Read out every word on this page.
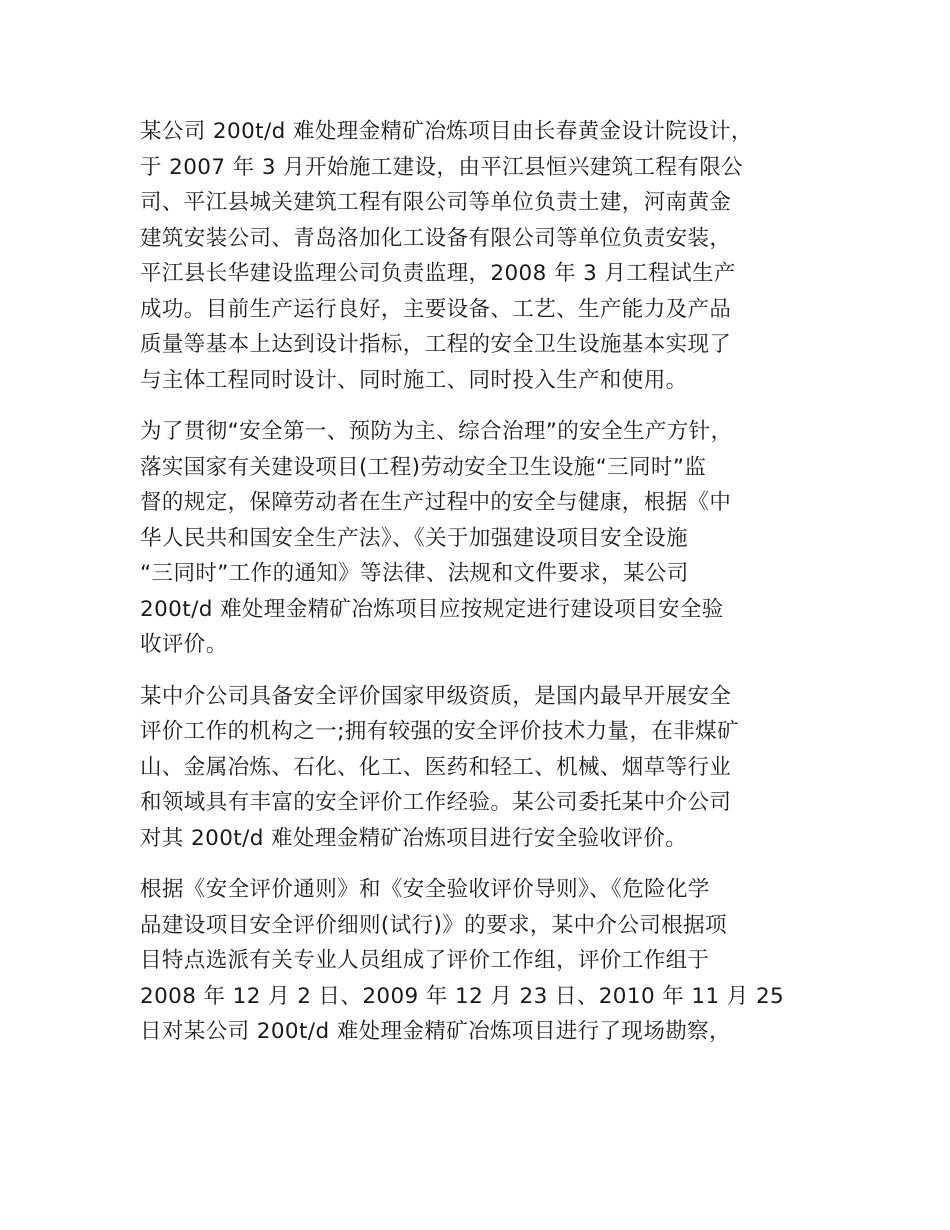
某公司 200t/d 难处理金精矿冶炼项目由长春黄金设计院设计，
于 2007 年 3 月开始施工建设，由平江县恒兴建筑工程有限公
司、平江县城关建筑工程有限公司等单位负责土建，河南黄金
建筑安装公司、青岛洛加化工设备有限公司等单位负责安装，
平江县长华建设监理公司负责监理，2008 年 3 月工程试生产
成功。目前生产运行良好，主要设备、工艺、生产能力及产品
质量等基本上达到设计指标，工程的安全卫生设施基本实现了
与主体工程同时设计、同时施工、同时投入生产和使用。
为了贯彻“安全第一、预防为主、综合治理”的安全生产方针，
落实国家有关建设项目(工程)劳动安全卫生设施“三同时”监
督的规定，保障劳动者在生产过程中的安全与健康，根据《中
华人民共和国安全生产法》、《关于加强建设项目安全设施
“三同时”工作的通知》等法律、法规和文件要求，某公司
200t/d 难处理金精矿冶炼项目应按规定进行建设项目安全验
收评价。
某中介公司具备安全评价国家甲级资质，是国内最早开展安全
评价工作的机构之一;拥有较强的安全评价技术力量，在非煤矿
山、金属冶炼、石化、化工、医药和轻工、机械、烟草等行业
和领域具有丰富的安全评价工作经验。某公司委托某中介公司
对其 200t/d 难处理金精矿冶炼项目进行安全验收评价。
根据《安全评价通则》和《安全验收评价导则》、《危险化学
品建设项目安全评价细则(试行)》的要求，某中介公司根据项
目特点选派有关专业人员组成了评价工作组，评价工作组于
2008 年 12 月 2 日、2009 年 12 月 23 日、2010 年 11 月 25
日对某公司 200t/d 难处理金精矿冶炼项目进行了现场勘察，
